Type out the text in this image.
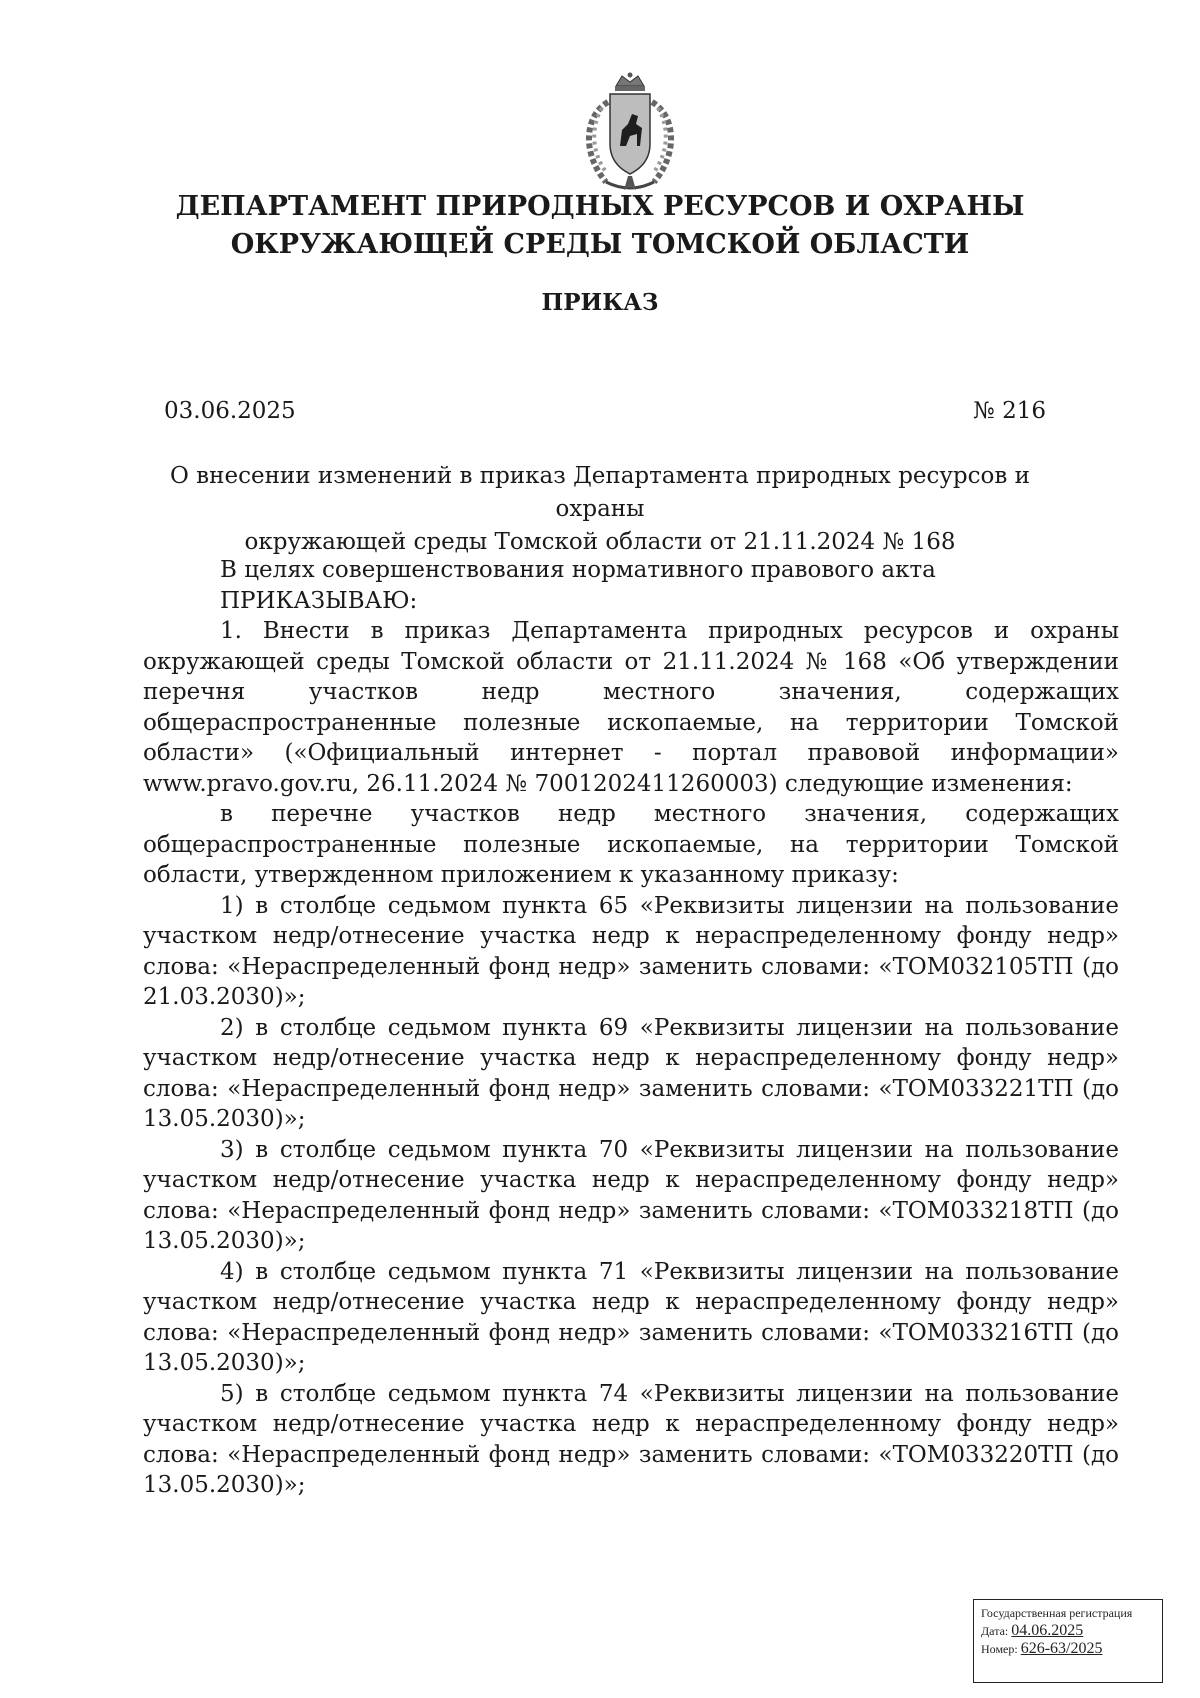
ДЕПАРТАМЕНТ ПРИРОДНЫХ РЕСУРСОВ И ОХРАНЫ
ОКРУЖАЮЩЕЙ СРЕДЫ ТОМСКОЙ ОБЛАСТИ
ПРИКАЗ
03.06.2025	№ 216

О внесении изменений в приказ Департамента природных ресурсов и охраны
окружающей среды Томской области от 21.11.2024 № 168

В целях совершенствования нормативного правового акта

ПРИКАЗЫВАЮ:

1. Внести в приказ Департамента природных ресурсов и охраны окружающей среды Томской области от 21.11.2024 № 168 «Об утверждении перечня участков недр местного значения, содержащих общераспространенные полезные ископаемые, на территории Томской области» («Официальный интернет - портал правовой информации» www.pravo.gov.ru, 26.11.2024 № 7001202411260003) следующие изменения:

в перечне участков недр местного значения, содержащих общераспространенные полезные ископаемые, на территории Томской области, утвержденном приложением к указанному приказу:

1) в столбце седьмом пункта 65 «Реквизиты лицензии на пользование участком недр/отнесение участка недр к нераспределенному фонду недр» слова: «Нераспределенный фонд недр» заменить словами: «ТОМ032105ТП (до 21.03.2030)»;

2) в столбце седьмом пункта 69 «Реквизиты лицензии на пользование участком недр/отнесение участка недр к нераспределенному фонду недр» слова: «Нераспределенный фонд недр» заменить словами: «ТОМ033221ТП (до 13.05.2030)»;

3) в столбце седьмом пункта 70 «Реквизиты лицензии на пользование участком недр/отнесение участка недр к нераспределенному фонду недр» слова: «Нераспределенный фонд недр» заменить словами: «ТОМ033218ТП (до 13.05.2030)»;

4) в столбце седьмом пункта 71 «Реквизиты лицензии на пользование участком недр/отнесение участка недр к нераспределенному фонду недр» слова: «Нераспределенный фонд недр» заменить словами: «ТОМ033216ТП (до 13.05.2030)»;

5) в столбце седьмом пункта 74 «Реквизиты лицензии на пользование участком недр/отнесение участка недр к нераспределенному фонду недр» слова: «Нераспределенный фонд недр» заменить словами: «ТОМ033220ТП (до 13.05.2030)»;

Государственная регистрация
Дата: 04.06.2025
Номер: 626-63/2025
